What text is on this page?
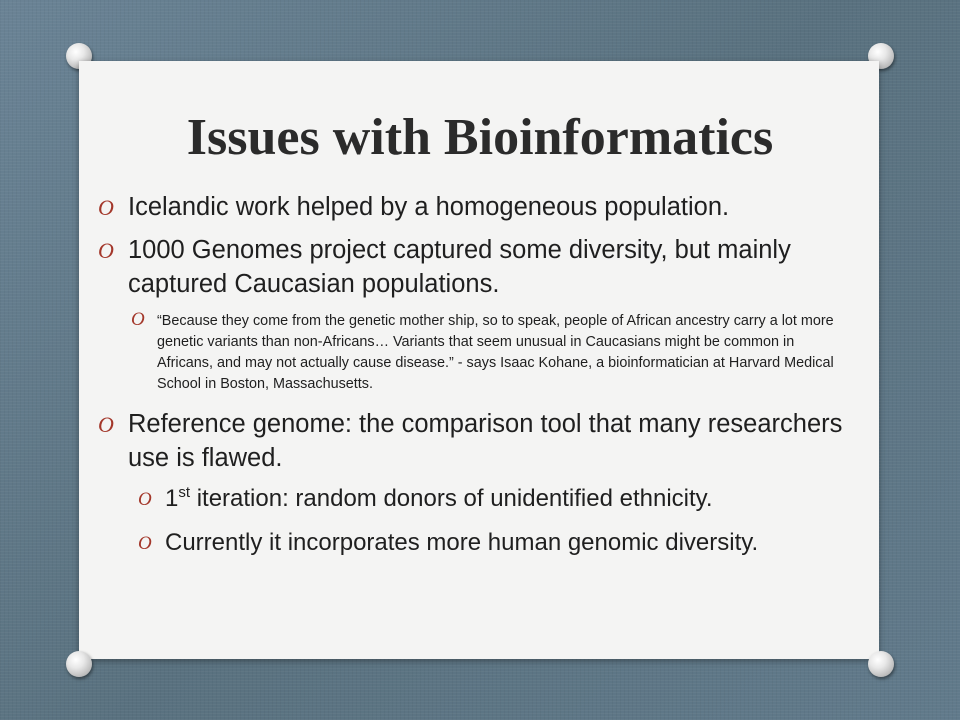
Issues with Bioinformatics
O Icelandic work helped by a homogeneous population.
O 1000 Genomes project captured some diversity, but mainly captured Caucasian populations.
O “Because they come from the genetic mother ship, so to speak, people of African ancestry carry a lot more genetic variants than non-Africans… Variants that seem unusual in Caucasians might be common in Africans, and may not actually cause disease.” - says Isaac Kohane, a bioinformatician at Harvard Medical School in Boston, Massachusetts.
O Reference genome: the comparison tool that many researchers use is flawed.
O 1st iteration: random donors of unidentified ethnicity.
O Currently it incorporates more human genomic diversity.
